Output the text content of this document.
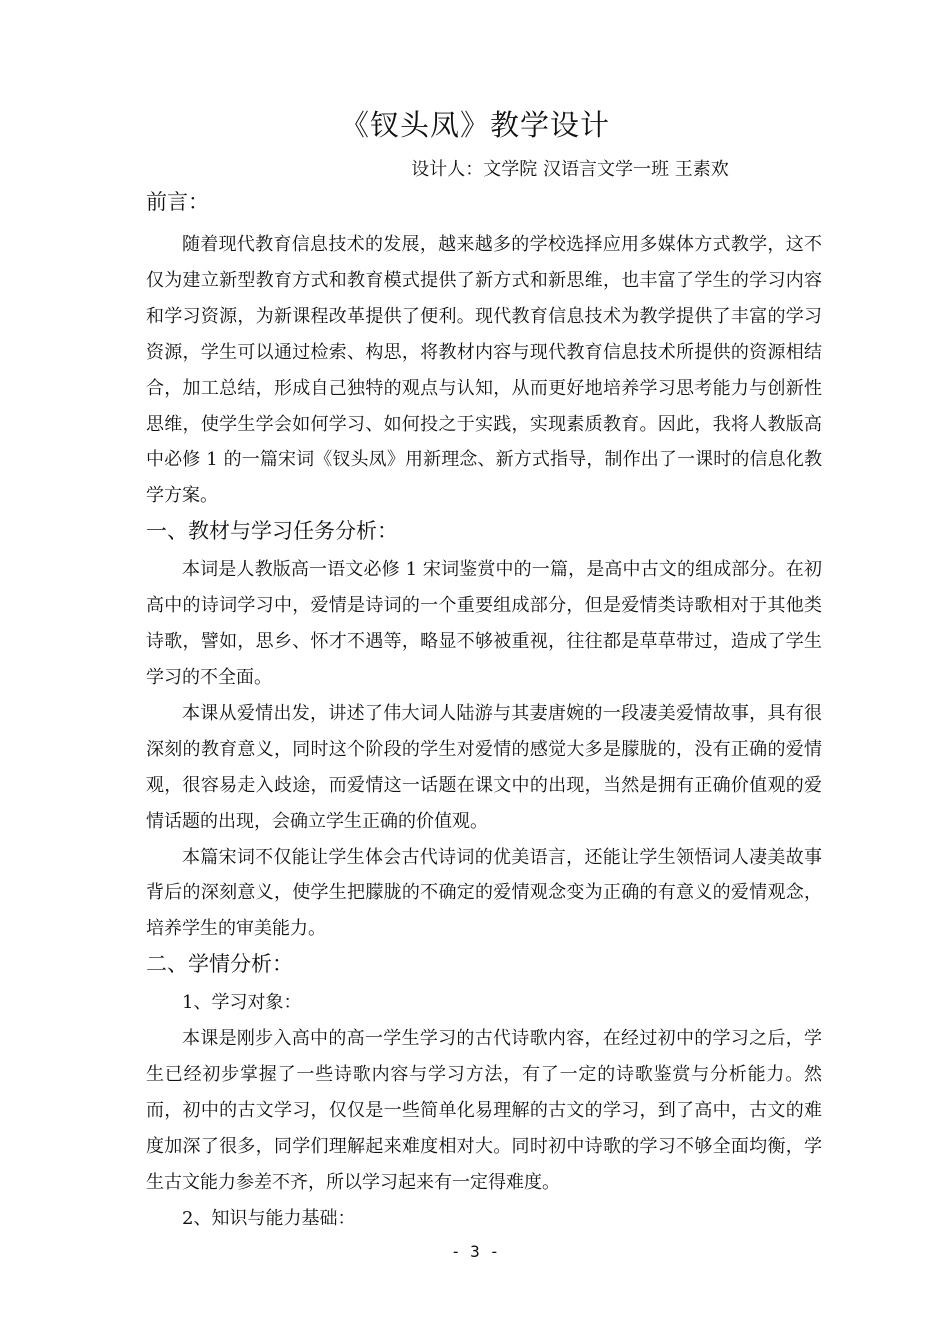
《钗头凤》教学设计
设计人：文学院 汉语言文学一班 王素欢
前言：

随着现代教育信息技术的发展，越来越多的学校选择应用多媒体方式教学，这不仅为建立新型教育方式和教育模式提供了新方式和新思维，也丰富了学生的学习内容和学习资源，为新课程改革提供了便利。现代教育信息技术为教学提供了丰富的学习资源，学生可以通过检索、构思，将教材内容与现代教育信息技术所提供的资源相结合，加工总结，形成自己独特的观点与认知，从而更好地培养学习思考能力与创新性思维，使学生学会如何学习、如何投之于实践，实现素质教育。因此，我将人教版高中必修 1 的一篇宋词《钗头凤》用新理念、新方式指导，制作出了一课时的信息化教学方案。

一、教材与学习任务分析：

本词是人教版高一语文必修 1 宋词鉴赏中的一篇，是高中古文的组成部分。在初高中的诗词学习中，爱情是诗词的一个重要组成部分，但是爱情类诗歌相对于其他类诗歌，譬如，思乡、怀才不遇等，略显不够被重视，往往都是草草带过，造成了学生学习的不全面。

本课从爱情出发，讲述了伟大词人陆游与其妻唐婉的一段凄美爱情故事，具有很深刻的教育意义，同时这个阶段的学生对爱情的感觉大多是朦胧的，没有正确的爱情观，很容易走入歧途，而爱情这一话题在课文中的出现，当然是拥有正确价值观的爱情话题的出现，会确立学生正确的价值观。

本篇宋词不仅能让学生体会古代诗词的优美语言，还能让学生领悟词人凄美故事背后的深刻意义，使学生把朦胧的不确定的爱情观念变为正确的有意义的爱情观念，培养学生的审美能力。

二、学情分析：

1、学习对象：

本课是刚步入高中的高一学生学习的古代诗歌内容，在经过初中的学习之后，学生已经初步掌握了一些诗歌内容与学习方法，有了一定的诗歌鉴赏与分析能力。然而，初中的古文学习，仅仅是一些简单化易理解的古文的学习，到了高中，古文的难度加深了很多，同学们理解起来难度相对大。同时初中诗歌的学习不够全面均衡，学生古文能力参差不齐，所以学习起来有一定得难度。

2、知识与能力基础：

- 3 -
